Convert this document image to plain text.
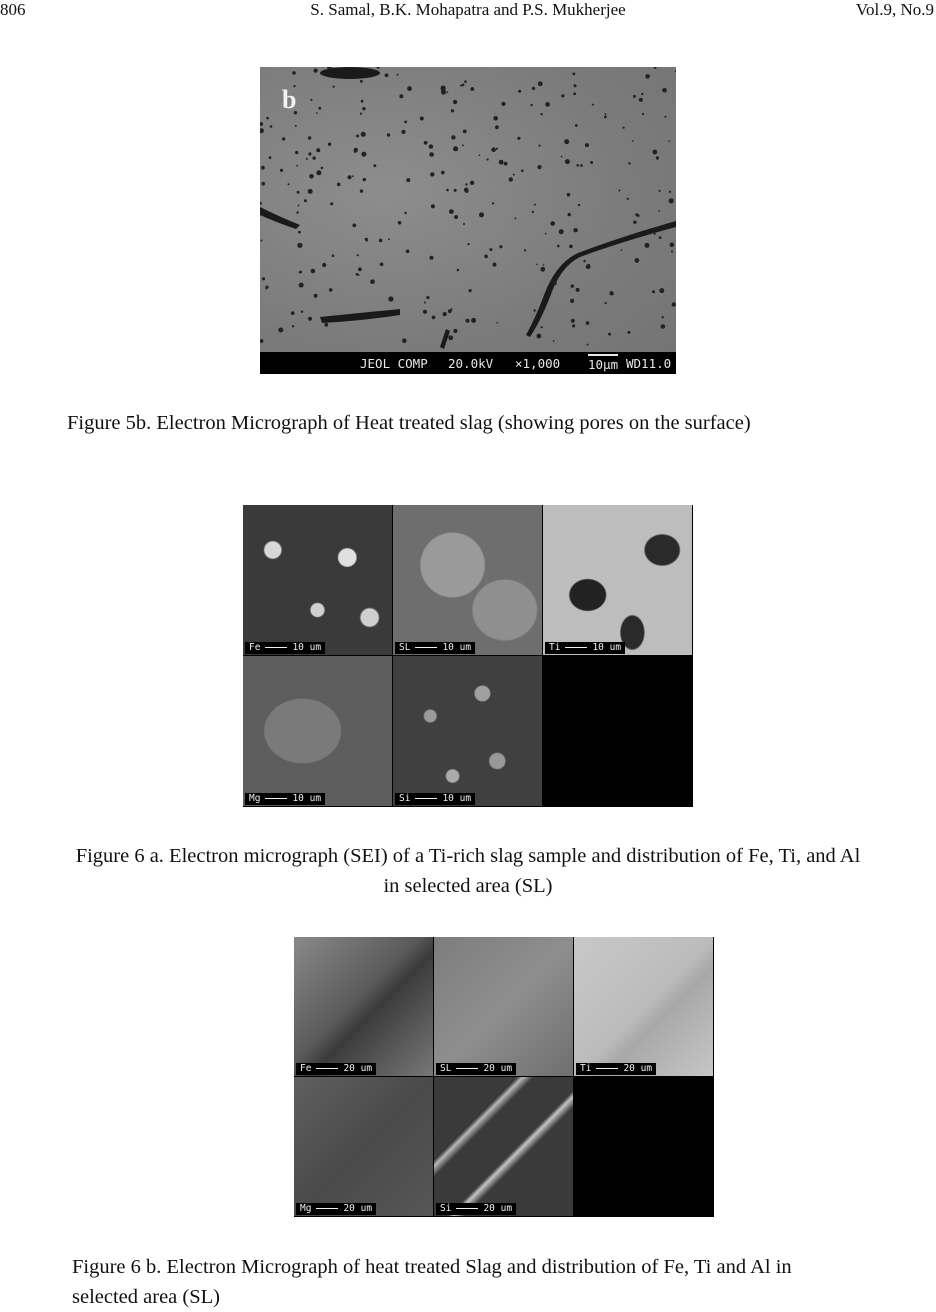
806	S. Samal, B.K. Mohapatra and P.S. Mukherjee	Vol.9, No.9
b
JEOL COMP 20.0kV ×1,000 10μm WD11.0
Figure 5b. Electron Micrograph of Heat treated slag (showing pores on the surface)
Fe	10 um	SL	10 um	Ti	10 um
Mg	10 um	Si	10 um
Figure 6 a. Electron micrograph (SEI) of a Ti-rich slag sample and distribution of Fe, Ti, and Al
in selected area (SL)
Fe	20 um	SL	20 um	Ti	20 um
Mg	20 um	Si	20 um
Figure 6 b. Electron Micrograph of heat treated Slag and distribution of Fe, Ti and Al in
selected area (SL)
